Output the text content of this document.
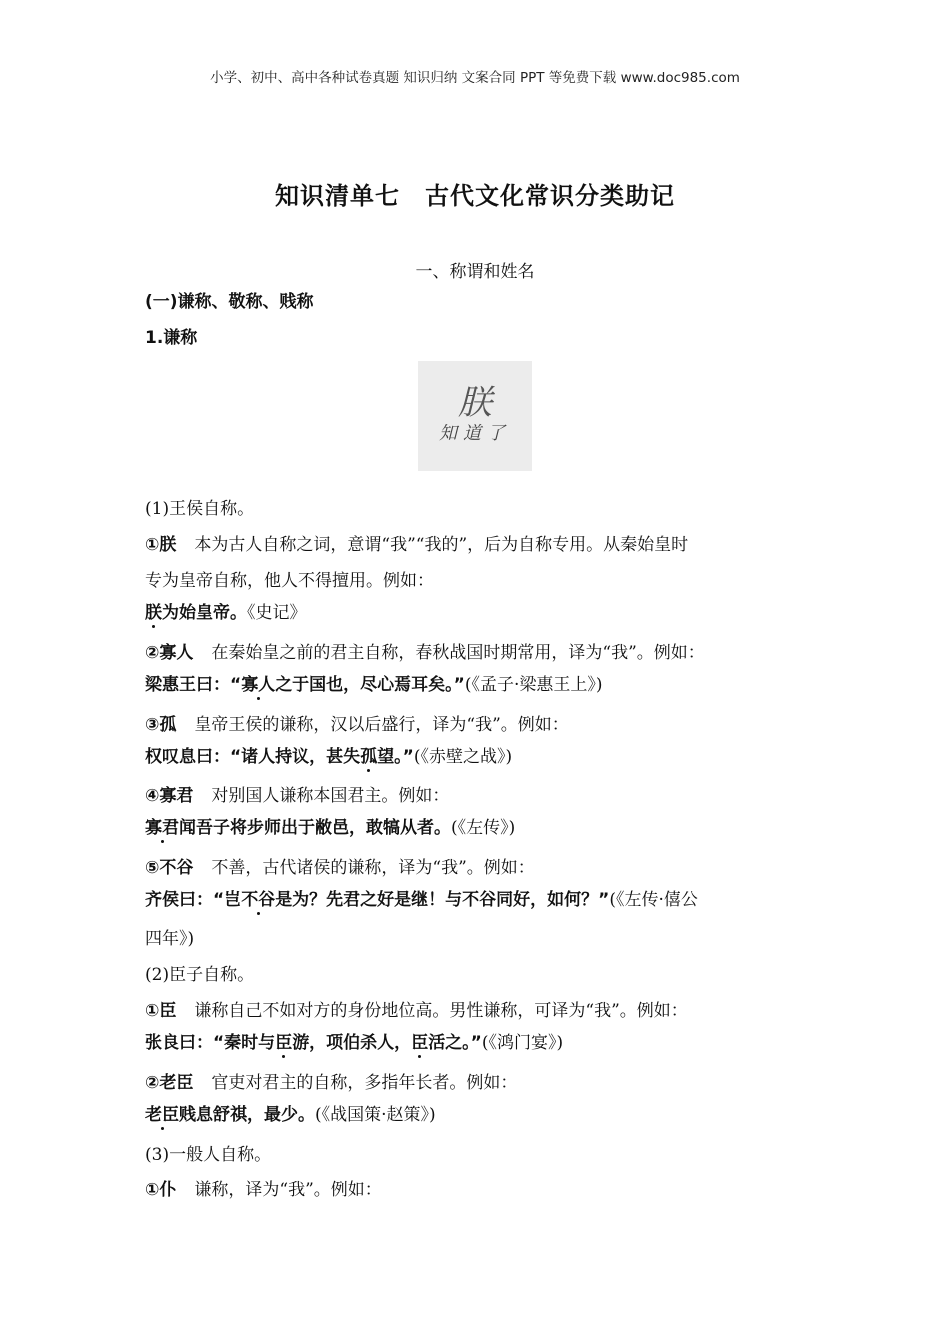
小学、初中、高中各种试卷真题 知识归纳 文案合同 PPT 等免费下载 www.doc985.com
知识清单七　古代文化常识分类助记
一、称谓和姓名
(一)谦称、敬称、贱称
1.谦称
朕
知道了
(1)王侯自称。
①朕 本为古人自称之词，意谓“我”“我的”，后为自称专用。从秦始皇时
专为皇帝自称，他人不得擅用。例如：
朕为始皇帝。《史记》
②寡人 在秦始皇之前的君主自称，春秋战国时期常用，译为“我”。例如：
梁惠王曰：“寡人之于国也，尽心焉耳矣。”(《孟子·梁惠王上》)
③孤 皇帝王侯的谦称，汉以后盛行，译为“我”。例如：
权叹息曰：“诸人持议，甚失孤望。”(《赤壁之战》)
④寡君 对别国人谦称本国君主。例如：
寡君闻吾子将步师出于敝邑，敢犒从者。(《左传》)
⑤不谷 不善，古代诸侯的谦称，译为“我”。例如：
齐侯曰：“岂不谷是为？先君之好是继！与不谷同好，如何？”(《左传·僖公
四年》)
(2)臣子自称。
①臣 谦称自己不如对方的身份地位高。男性谦称，可译为“我”。例如：
张良曰：“秦时与臣游，项伯杀人，臣活之。”(《鸿门宴》)
②老臣 官吏对君主的自称，多指年长者。例如：
老臣贱息舒祺，最少。(《战国策·赵策》)
(3)一般人自称。
①仆 谦称，译为“我”。例如：
